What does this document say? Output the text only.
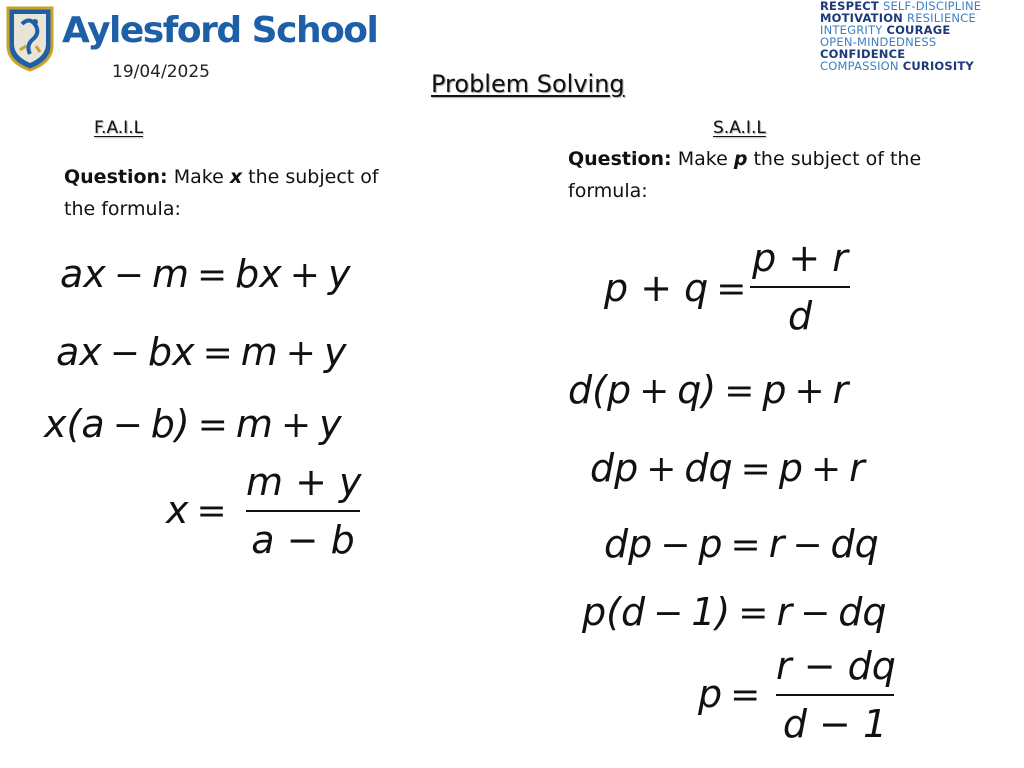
Aylesford School
19/04/2025	Problem Solving
RESPECT SELF-DISCIPLINE
MOTIVATION RESILIENCE
INTEGRITY COURAGE
OPEN-MINDEDNESS
CONFIDENCE
COMPASSION CURIOSITY
F.A.I.L
Question: Make x the subject of the formula:
ax − m = bx + y
ax − bx = m + y
x(a − b) = m + y
x =
m + y
a − b
S.A.I.L
Question: Make p the subject of the formula:
p + q =
p + r
d
d(p + q) = p + r
dp + dq = p + r
dp − p = r − dq
p(d − 1) = r − dq
p =
r − dq
d − 1
